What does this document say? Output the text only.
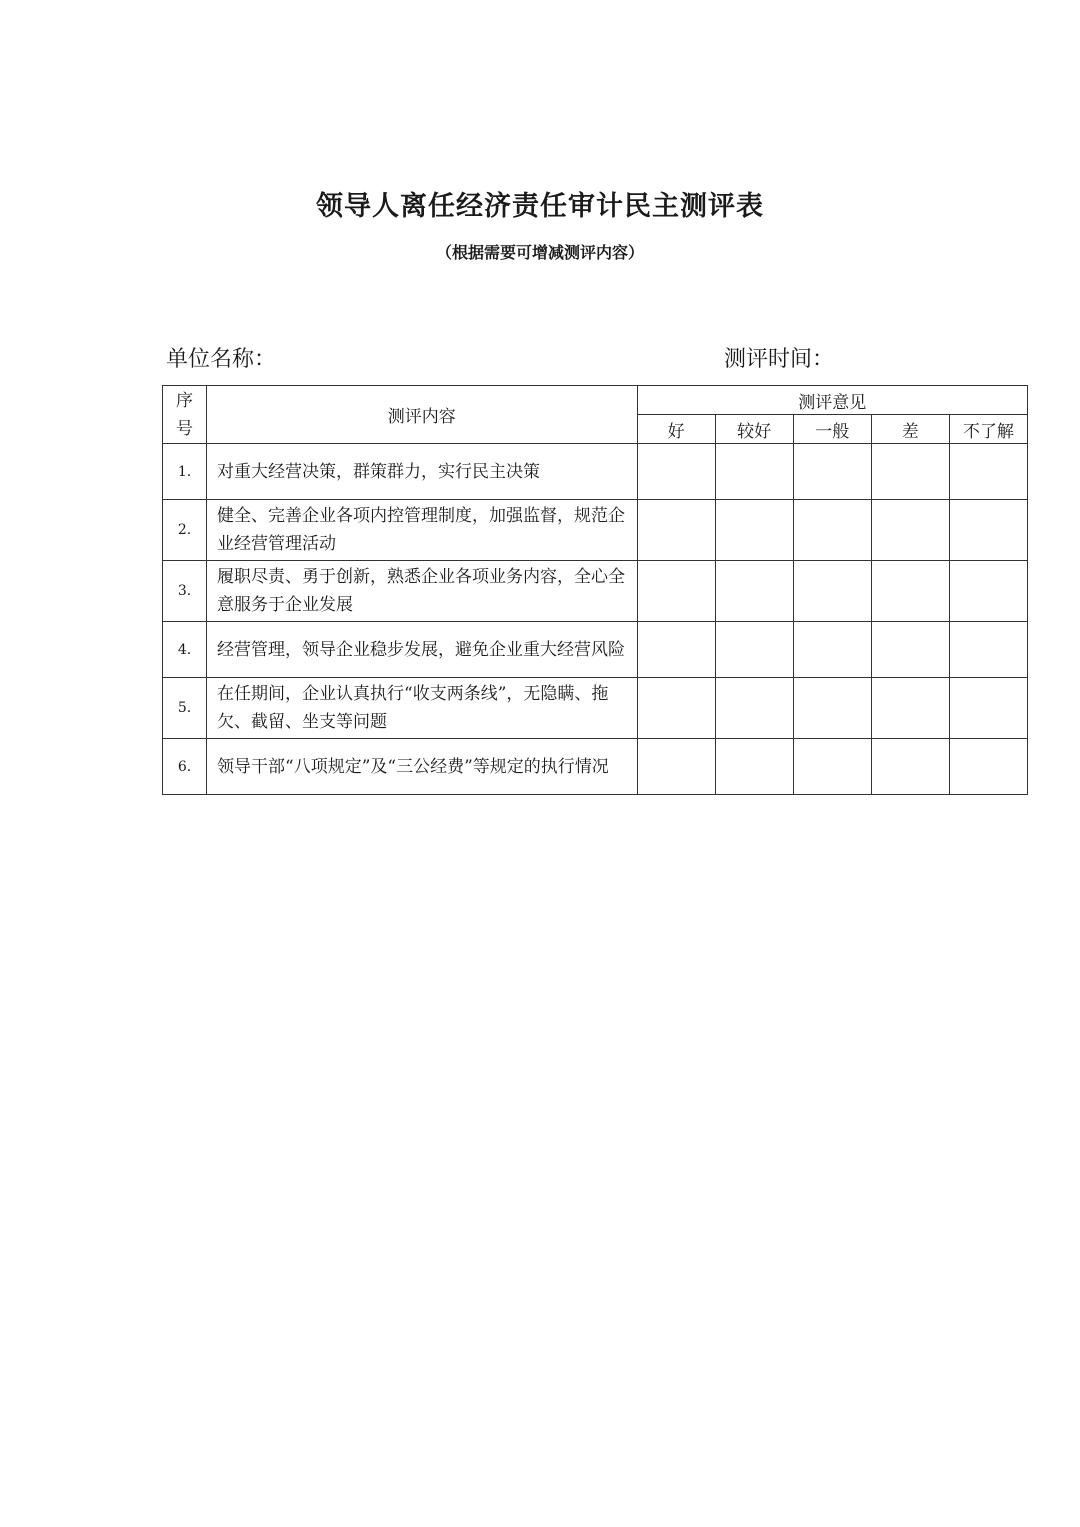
领导人离任经济责任审计民主测评表
（根据需要可增减测评内容）
单位名称：	测评时间：
序
号	测评内容	测评意见				
		好	较好	一般	差	不了解
1.	对重大经营决策，群策群力，实行民主决策					
2.	健全、完善企业各项内控管理制度，加强监督，规范企业经营管理活动					
3.	履职尽责、勇于创新，熟悉企业各项业务内容，全心全意服务于企业发展					
4.	经营管理，领导企业稳步发展，避免企业重大经营风险					
5.	在任期间，企业认真执行“收支两条线”，无隐瞒、拖欠、截留、坐支等问题					
6.	领导干部“八项规定”及“三公经费”等规定的执行情况					
